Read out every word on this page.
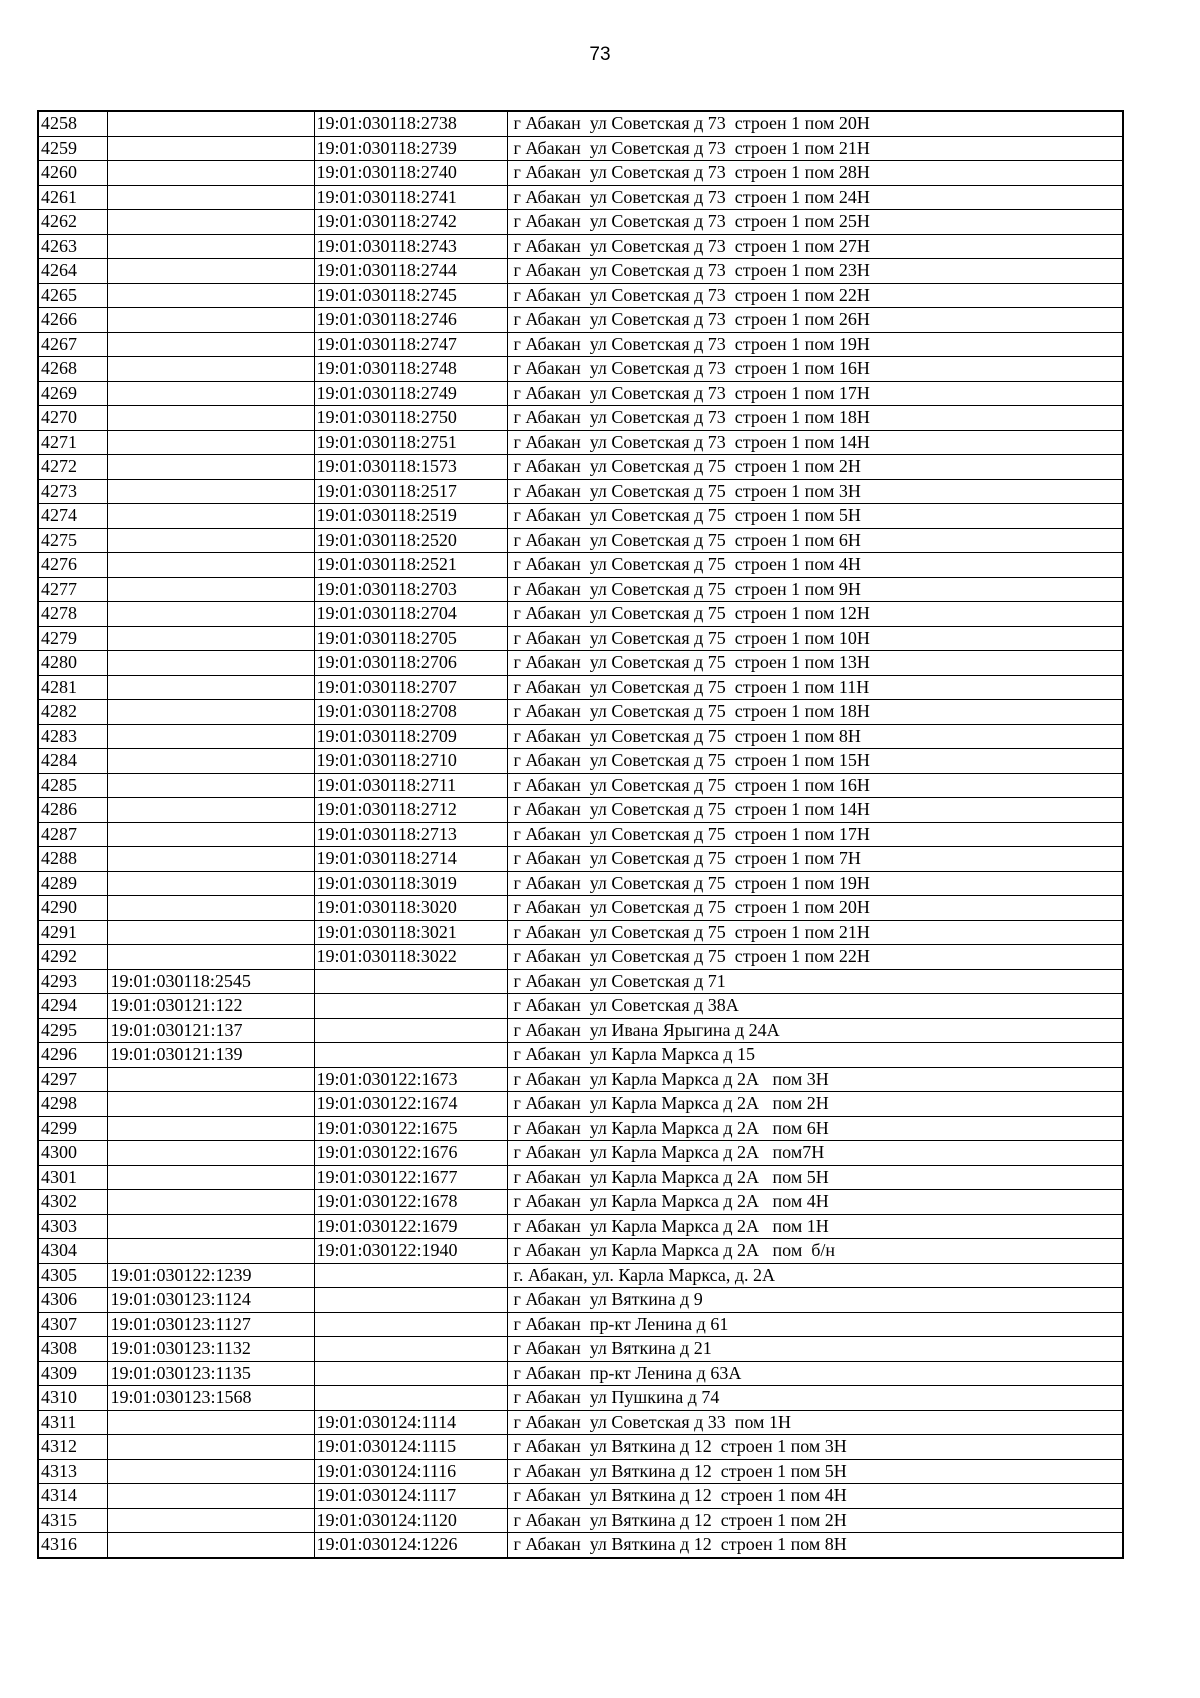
73
4258		19:01:030118:2738	г Абакан  ул Советская д 73  строен 1 пом 20Н
4259		19:01:030118:2739	г Абакан  ул Советская д 73  строен 1 пом 21Н
4260		19:01:030118:2740	г Абакан  ул Советская д 73  строен 1 пом 28Н
4261		19:01:030118:2741	г Абакан  ул Советская д 73  строен 1 пом 24Н
4262		19:01:030118:2742	г Абакан  ул Советская д 73  строен 1 пом 25Н
4263		19:01:030118:2743	г Абакан  ул Советская д 73  строен 1 пом 27Н
4264		19:01:030118:2744	г Абакан  ул Советская д 73  строен 1 пом 23Н
4265		19:01:030118:2745	г Абакан  ул Советская д 73  строен 1 пом 22Н
4266		19:01:030118:2746	г Абакан  ул Советская д 73  строен 1 пом 26Н
4267		19:01:030118:2747	г Абакан  ул Советская д 73  строен 1 пом 19Н
4268		19:01:030118:2748	г Абакан  ул Советская д 73  строен 1 пом 16Н
4269		19:01:030118:2749	г Абакан  ул Советская д 73  строен 1 пом 17Н
4270		19:01:030118:2750	г Абакан  ул Советская д 73  строен 1 пом 18Н
4271		19:01:030118:2751	г Абакан  ул Советская д 73  строен 1 пом 14Н
4272		19:01:030118:1573	г Абакан  ул Советская д 75  строен 1 пом 2Н
4273		19:01:030118:2517	г Абакан  ул Советская д 75  строен 1 пом 3Н
4274		19:01:030118:2519	г Абакан  ул Советская д 75  строен 1 пом 5Н
4275		19:01:030118:2520	г Абакан  ул Советская д 75  строен 1 пом 6Н
4276		19:01:030118:2521	г Абакан  ул Советская д 75  строен 1 пом 4Н
4277		19:01:030118:2703	г Абакан  ул Советская д 75  строен 1 пом 9Н
4278		19:01:030118:2704	г Абакан  ул Советская д 75  строен 1 пом 12Н
4279		19:01:030118:2705	г Абакан  ул Советская д 75  строен 1 пом 10Н
4280		19:01:030118:2706	г Абакан  ул Советская д 75  строен 1 пом 13Н
4281		19:01:030118:2707	г Абакан  ул Советская д 75  строен 1 пом 11Н
4282		19:01:030118:2708	г Абакан  ул Советская д 75  строен 1 пом 18Н
4283		19:01:030118:2709	г Абакан  ул Советская д 75  строен 1 пом 8Н
4284		19:01:030118:2710	г Абакан  ул Советская д 75  строен 1 пом 15Н
4285		19:01:030118:2711	г Абакан  ул Советская д 75  строен 1 пом 16Н
4286		19:01:030118:2712	г Абакан  ул Советская д 75  строен 1 пом 14Н
4287		19:01:030118:2713	г Абакан  ул Советская д 75  строен 1 пом 17Н
4288		19:01:030118:2714	г Абакан  ул Советская д 75  строен 1 пом 7Н
4289		19:01:030118:3019	г Абакан  ул Советская д 75  строен 1 пом 19Н
4290		19:01:030118:3020	г Абакан  ул Советская д 75  строен 1 пом 20Н
4291		19:01:030118:3021	г Абакан  ул Советская д 75  строен 1 пом 21Н
4292		19:01:030118:3022	г Абакан  ул Советская д 75  строен 1 пом 22Н
4293	19:01:030118:2545		г Абакан  ул Советская д 71
4294	19:01:030121:122		г Абакан  ул Советская д 38А
4295	19:01:030121:137		г Абакан  ул Ивана Ярыгина д 24А
4296	19:01:030121:139		г Абакан  ул Карла Маркса д 15
4297		19:01:030122:1673	г Абакан  ул Карла Маркса д 2А   пом 3Н
4298		19:01:030122:1674	г Абакан  ул Карла Маркса д 2А   пом 2Н
4299		19:01:030122:1675	г Абакан  ул Карла Маркса д 2А   пом 6Н
4300		19:01:030122:1676	г Абакан  ул Карла Маркса д 2А   пом7Н
4301		19:01:030122:1677	г Абакан  ул Карла Маркса д 2А   пом 5Н
4302		19:01:030122:1678	г Абакан  ул Карла Маркса д 2А   пом 4Н
4303		19:01:030122:1679	г Абакан  ул Карла Маркса д 2А   пом 1Н
4304		19:01:030122:1940	г Абакан  ул Карла Маркса д 2А   пом  б/н
4305	19:01:030122:1239		г. Абакан, ул. Карла Маркса, д. 2А
4306	19:01:030123:1124		г Абакан  ул Вяткина д 9
4307	19:01:030123:1127		г Абакан  пр-кт Ленина д 61
4308	19:01:030123:1132		г Абакан  ул Вяткина д 21
4309	19:01:030123:1135		г Абакан  пр-кт Ленина д 63А
4310	19:01:030123:1568		г Абакан  ул Пушкина д 74
4311		19:01:030124:1114	г Абакан  ул Советская д 33  пом 1Н
4312		19:01:030124:1115	г Абакан  ул Вяткина д 12  строен 1 пом 3Н
4313		19:01:030124:1116	г Абакан  ул Вяткина д 12  строен 1 пом 5Н
4314		19:01:030124:1117	г Абакан  ул Вяткина д 12  строен 1 пом 4Н
4315		19:01:030124:1120	г Абакан  ул Вяткина д 12  строен 1 пом 2Н
4316		19:01:030124:1226	г Абакан  ул Вяткина д 12  строен 1 пом 8Н
